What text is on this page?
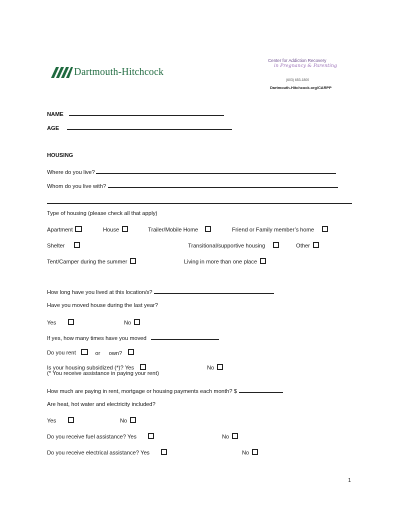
Dartmouth-Hitchcock
Center for Addiction Recovery
in Pregnancy & Parenting
(603) 653-1800
Dartmouth-Hitchcock.org/CARPP
NAME
AGE
HOUSING
Where do you live?
Whom do you live with?
Type of housing (please check all that apply)
Apartment	House	Trailer/Mobile Home	Friend or Family member’s home
Shelter	Transitional/supportive housing	Other
Tent/Camper during the summer	Living in more than one place
How long have you lived at this location/s?
Have you moved house during the last year?
Yes	No
If yes, how many times have you moved
Do you rent	or own?
Is your housing subsidized (*)? Yes	No
(* You receive assistance in paying your rent)
How much are paying in rent, mortgage or housing payments each month? $
Are heat, hot water and electricity included?
Yes	No
Do you receive fuel assistance? Yes	No
Do you receive electrical assistance? Yes	No
1
